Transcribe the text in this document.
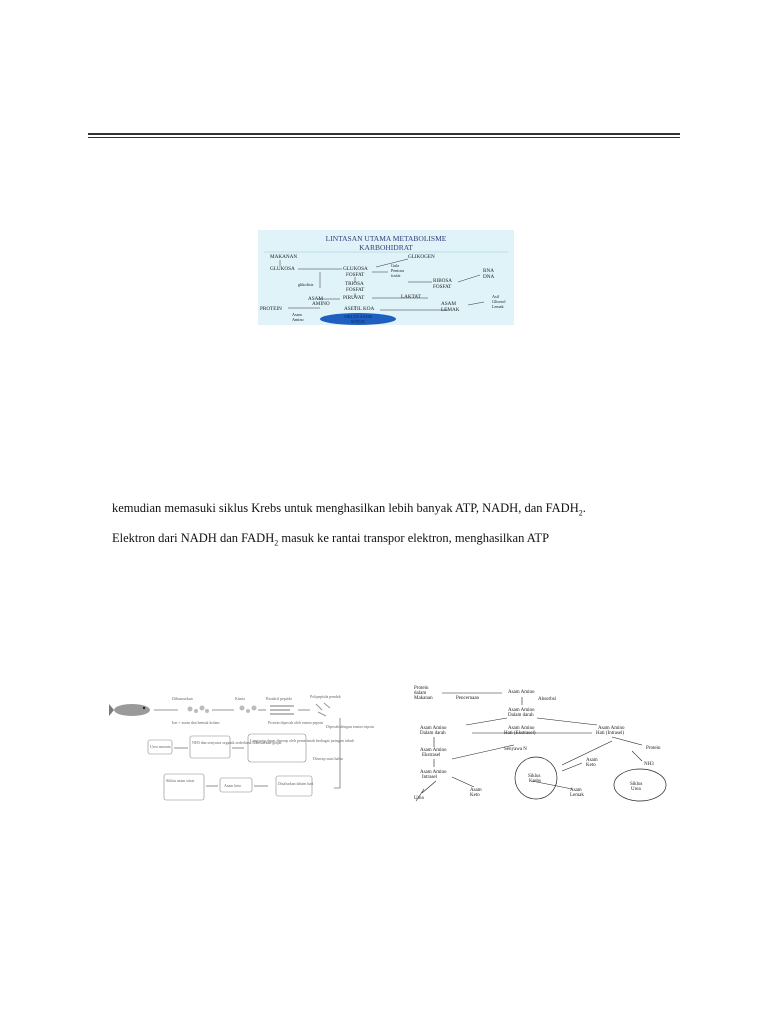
LINTASAN UTAMA METABOLISME
KARBOHIDRAT
MAKANAN	GLIKOGEN
GLUKOSA	GLUKOSA
FOSFAT
Gula
Pentosa
fosfat
glikolisis	TRIOSA
FOSFAT
RIBOSA
FOSFAT
RNA
DNA
ASAM
AMINO
PIRUVAT	LAKTAT
PROTEIN	ASETIL KOA
ASAM
LEMAK
Asil
Gliserol
Lemak
Asam
Amino
SIKLUS ASAM
SITRAT
kemudian memasuki siklus Krebs untuk menghasilkan lebih banyak ATP, NADH, dan $FADH_2$.
Elektron dari NADH dan $FADH_2$ masuk ke rantai transpor elektron, menghasilkan ATP
Dihancurkan	Kimia	Bioaktif peptida	Polipeptida pendek
Ion + asam dan bentuk kolam	Protein dipecah oleh enzim pepsin
Dipecah dengan enzim tripsin
Diserap usus halus
Langsung dapat diserap oleh pemerintah berbagai jaringan tubuh
Urea amonia
NH3 dan senyawa organik sederhana dikeluarkan ginjal
Disalurkan dalam hati
Asam keto
Siklus asam sitrat
Protein
dalam
Makanan	Pencernaan
Asam Amino
Absorbsi
Asam Amino
Dalam darah
Asam Amino
Dalam darah
Asam Amino
Hati (Ekstrasel)
Asam Amino
Hati (Intrasel)
Asam Amino
Ekstrasel
Senyawa N	Protein
Asam Amino
Intrasel	Siklus
Krebs
Asam
Keto	NH3
Urea
Asam
Keto
Asam
Lemak
Siklus
Urea
